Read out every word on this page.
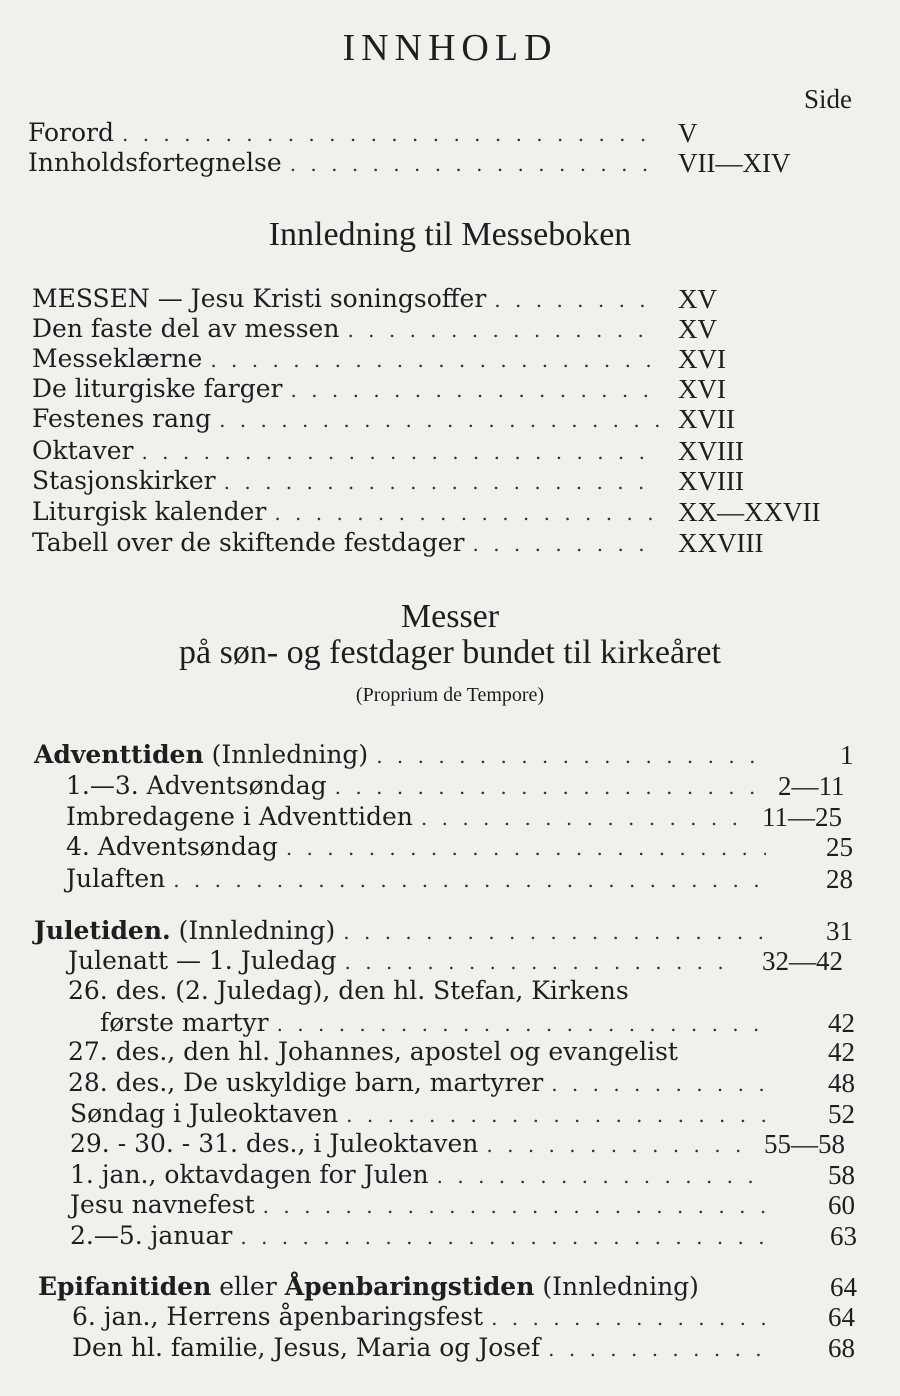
INNHOLD
Side
Forord . . .	V
Innholdsfortegnelse . . .	VII—XIV
Innledning til Messeboken
MESSEN — Jesu Kristi soningsoffer . . .	XV
Den faste del av messen . . .	XV
Messeklærne . . .	XVI
De liturgiske farger . . .	XVI
Festenes rang . . .	XVII
Oktaver . . .	XVIII
Stasjonskirker . . .	XVIII
Liturgisk kalender . . .	XX—XXVII
Tabell over de skiftende festdager . . .	XXVIII
Messer
på søn- og festdager bundet til kirkeåret
(Proprium de Tempore)
Adventtiden (Innledning) . . .	1
1.—3. Adventsøndag . . .	2—11
Imbredagene i Adventtiden . . .	11—25
4. Adventsøndag . . .	25
Julaften . . .	28
Juletiden. (Innledning) . . .	31
Julenatt — 1. Juledag . . .	32—42
26. des. (2. Juledag), den hl. Stefan, Kirkens
første martyr . . .	42
27. des., den hl. Johannes, apostel og evangelist	42
28. des., De uskyldige barn, martyrer . . .	48
Søndag i Juleoktaven . . .	52
29. - 30. - 31. des., i Juleoktaven . . .	55—58
1. jan., oktavdagen for Julen . . .	58
Jesu navnefest . . .	60
2.—5. januar . . .	63
Epifanitiden eller Åpenbaringstiden (Innledning)	64
6. jan., Herrens åpenbaringsfest . . .	64
Den hl. familie, Jesus, Maria og Josef . . .	68
